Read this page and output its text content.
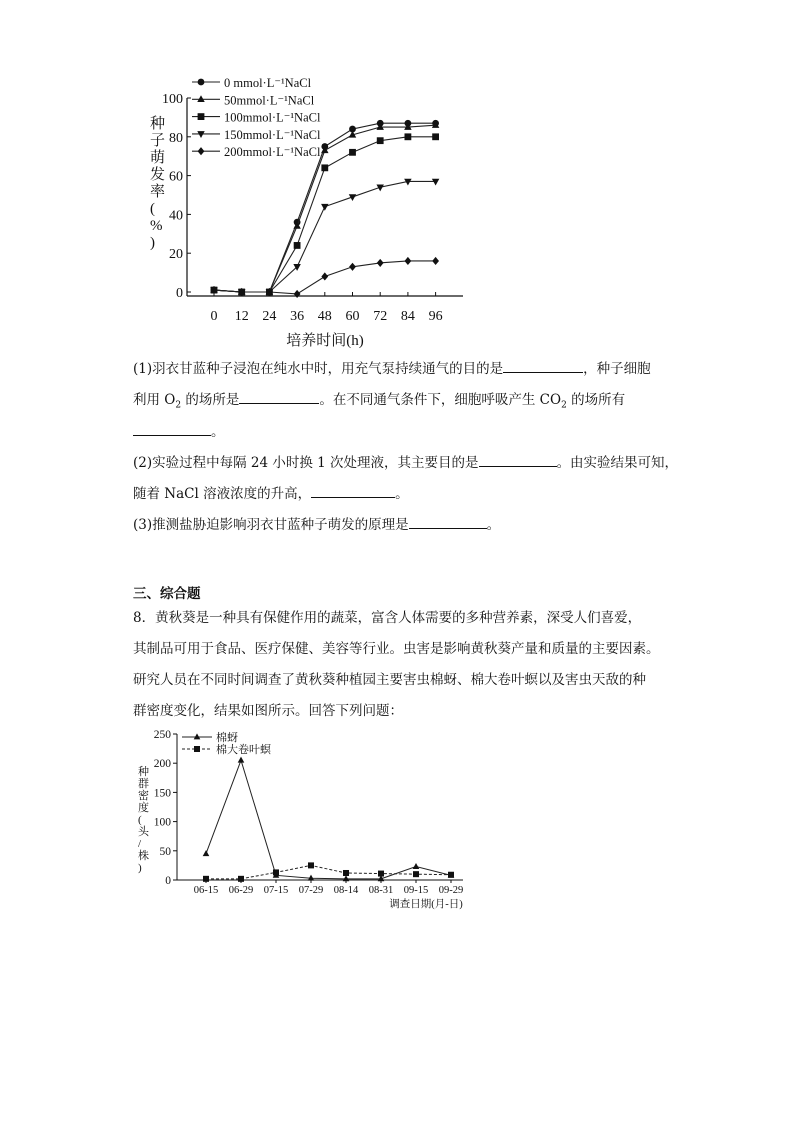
0
20
40
60
80
100
0 12 24 36 48 60 72 84 96
培养时间(h)
种子萌发率( % )
0 mmol·L⁻¹NaCl
50mmol·L⁻¹NaCl
100mmol·L⁻¹NaCl
150mmol·L⁻¹NaCl
200mmol·L⁻¹NaCl
(1)羽衣甘蓝种子浸泡在纯水中时，用充气泵持续通气的目的是	，种子细胞
利用 $O_2$ 的场所是	。在不同通气条件下，细胞呼吸产生 $CO_2$ 的场所有
。
(2)实验过程中每隔 24 小时换 1 次处理液，其主要目的是	。由实验结果可知，
随着 NaCl 溶液浓度的升高，	。
(3)推测盐胁迫影响羽衣甘蓝种子萌发的原理是	。
三、综合题
8．黄秋葵是一种具有保健作用的蔬菜，富含人体需要的多种营养素，深受人们喜爱，
其制品可用于食品、医疗保健、美容等行业。虫害是影响黄秋葵产量和质量的主要因素。
研究人员在不同时间调查了黄秋葵种植园主要害虫棉蚜、棉大卷叶螟以及害虫天敌的种
群密度变化，结果如图所示。回答下列问题：
0
50
100
150
200
250
06-15 06-29 07-15 07-29 08-14 08-31 09-15 09-29
调查日期(月-日)
种群密度(头/株)
棉蚜
棉大卷叶螟
